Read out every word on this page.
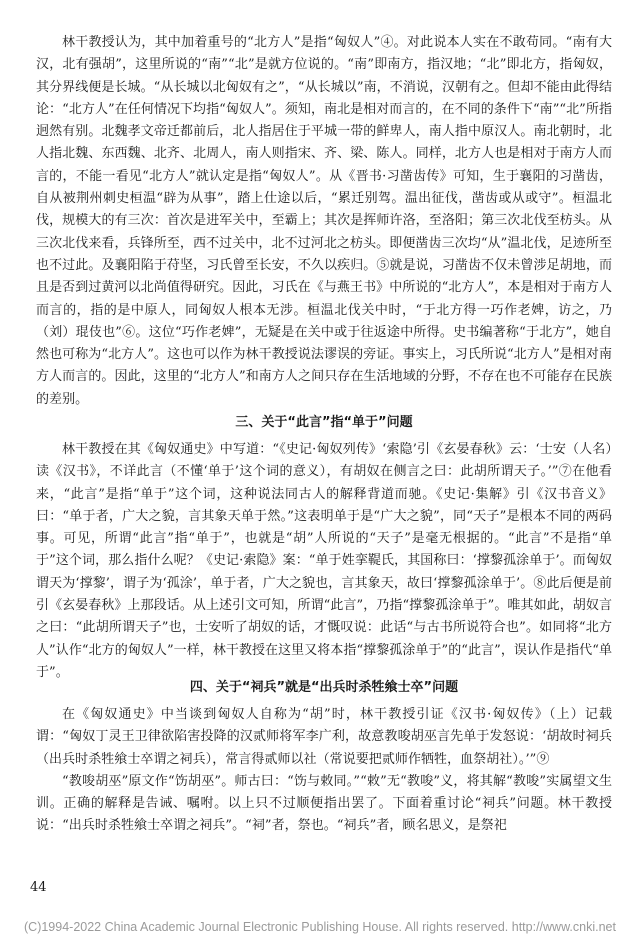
林干教授认为，其中加着重号的“北方人”是指“匈奴人”④。对此说本人实在不敢苟同。“南有大汉，北有强胡”，这里所说的“南”“北”是就方位说的。“南”即南方，指汉地；“北”即北方，指匈奴，其分界线便是长城。“从长城以北匈奴有之”，“从长城以”南，不消说，汉朝有之。但却不能由此得结论：“北方人”在任何情况下均指“匈奴人”。须知，南北是相对而言的，在不同的条件下“南”“北”所指迥然有别。北魏孝文帝迁都前后，北人指居住于平城一带的鲜卑人，南人指中原汉人。南北朝时，北人指北魏、东西魏、北齐、北周人，南人则指宋、齐、梁、陈人。同样，北方人也是相对于南方人而言的，不能一看见“北方人”就认定是指“匈奴人”。从《晋书·习凿齿传》可知，生于襄阳的习凿齿，自从被荆州刺史桓温“辟为从事”，踏上仕途以后，“累迁别驾。温出征伐，凿齿或从或守”。桓温北伐，规模大的有三次：首次是进军关中，至霸上；其次是挥师许洛，至洛阳；第三次北伐至枋头。从三次北伐来看，兵锋所至，西不过关中，北不过河北之枋头。即便凿齿三次均“从”温北伐，足迹所至也不过此。及襄阳陷于苻坚，习氏曾至长安，不久以疾归。⑤就是说，习凿齿不仅未曾涉足胡地，而且是否到过黄河以北尚值得研究。因此，习氏在《与燕王书》中所说的“北方人”，本是相对于南方人而言的，指的是中原人，同匈奴人根本无涉。桓温北伐关中时，“于北方得一巧作老婢，访之，乃（刘）琨伎也”⑥。这位“巧作老婢”，无疑是在关中或于往返途中所得。史书编著称“于北方”，她自然也可称为“北方人”。这也可以作为林干教授说法谬误的旁证。事实上，习氏所说“北方人”是相对南方人而言的。因此，这里的“北方人”和南方人之间只存在生活地域的分野，不存在也不可能存在民族的差别。

三、关于“此言”指“单于”问题

林干教授在其《匈奴通史》中写道：“《史记·匈奴列传》‘索隐’引《玄晏春秋》云：‘士安（人名）读《汉书》，不详此言（不懂‘单于’这个词的意义），有胡奴在侧言之曰：此胡所谓天子。’”⑦在他看来，“此言”是指“单于”这个词，这种说法同古人的解释背道而驰。《史记·集解》引《汉书音义》曰：“单于者，广大之貌，言其象天单于然。”这表明单于是“广大之貌”，同“天子”是根本不同的两码事。可见，所谓“此言”指“单于”，也就是“胡”人所说的“天子”是毫无根据的。“此言”不是指“单于”这个词，那么指什么呢？《史记·索隐》案：“单于姓挛鞮氏，其国称曰：‘撑黎孤涂单于’。而匈奴谓天为‘撑黎’，谓子为‘孤涂’，单于者，广大之貌也，言其象天，故曰‘撑黎孤涂单于’。⑧此后便是前引《玄晏春秋》上那段话。从上述引文可知，所谓“此言”，乃指“撑黎孤涂单于”。唯其如此，胡奴言之曰：“此胡所谓天子”也，士安听了胡奴的话，才慨叹说：此话“与古书所说符合也”。如同将“北方人”认作“北方的匈奴人”一样，林干教授在这里又将本指“撑黎孤涂单于”的“此言”，误认作是指代“单于”。

四、关于“祠兵”就是“出兵时杀牲飨士卒”问题

在《匈奴通史》中当谈到匈奴人自称为“胡”时，林干教授引证《汉书·匈奴传》（上）记载谓：“匈奴丁灵王卫律欲陷害投降的汉贰师将军李广利，故意教唆胡巫言先单于发怒说：‘胡故时祠兵（出兵时杀牲飨士卒谓之祠兵），常言得贰师以社（常说要把贰师作牺牲，血祭胡社）。’”⑨

“教唆胡巫”原文作“饬胡巫”。师古曰：“饬与敕同。”“敕”无“教唆”义，将其解“教唆”实属望文生训。正确的解释是告诫、嘱咐。以上只不过顺便指出罢了。下面着重讨论“祠兵”问题。林干教授说：“出兵时杀牲飨士卒谓之祠兵”。“祠”者，祭也。“祠兵”者，顾名思义，是祭祀

44
(C)1994-2022 China Academic Journal Electronic Publishing House. All rights reserved. http://www.cnki.net
